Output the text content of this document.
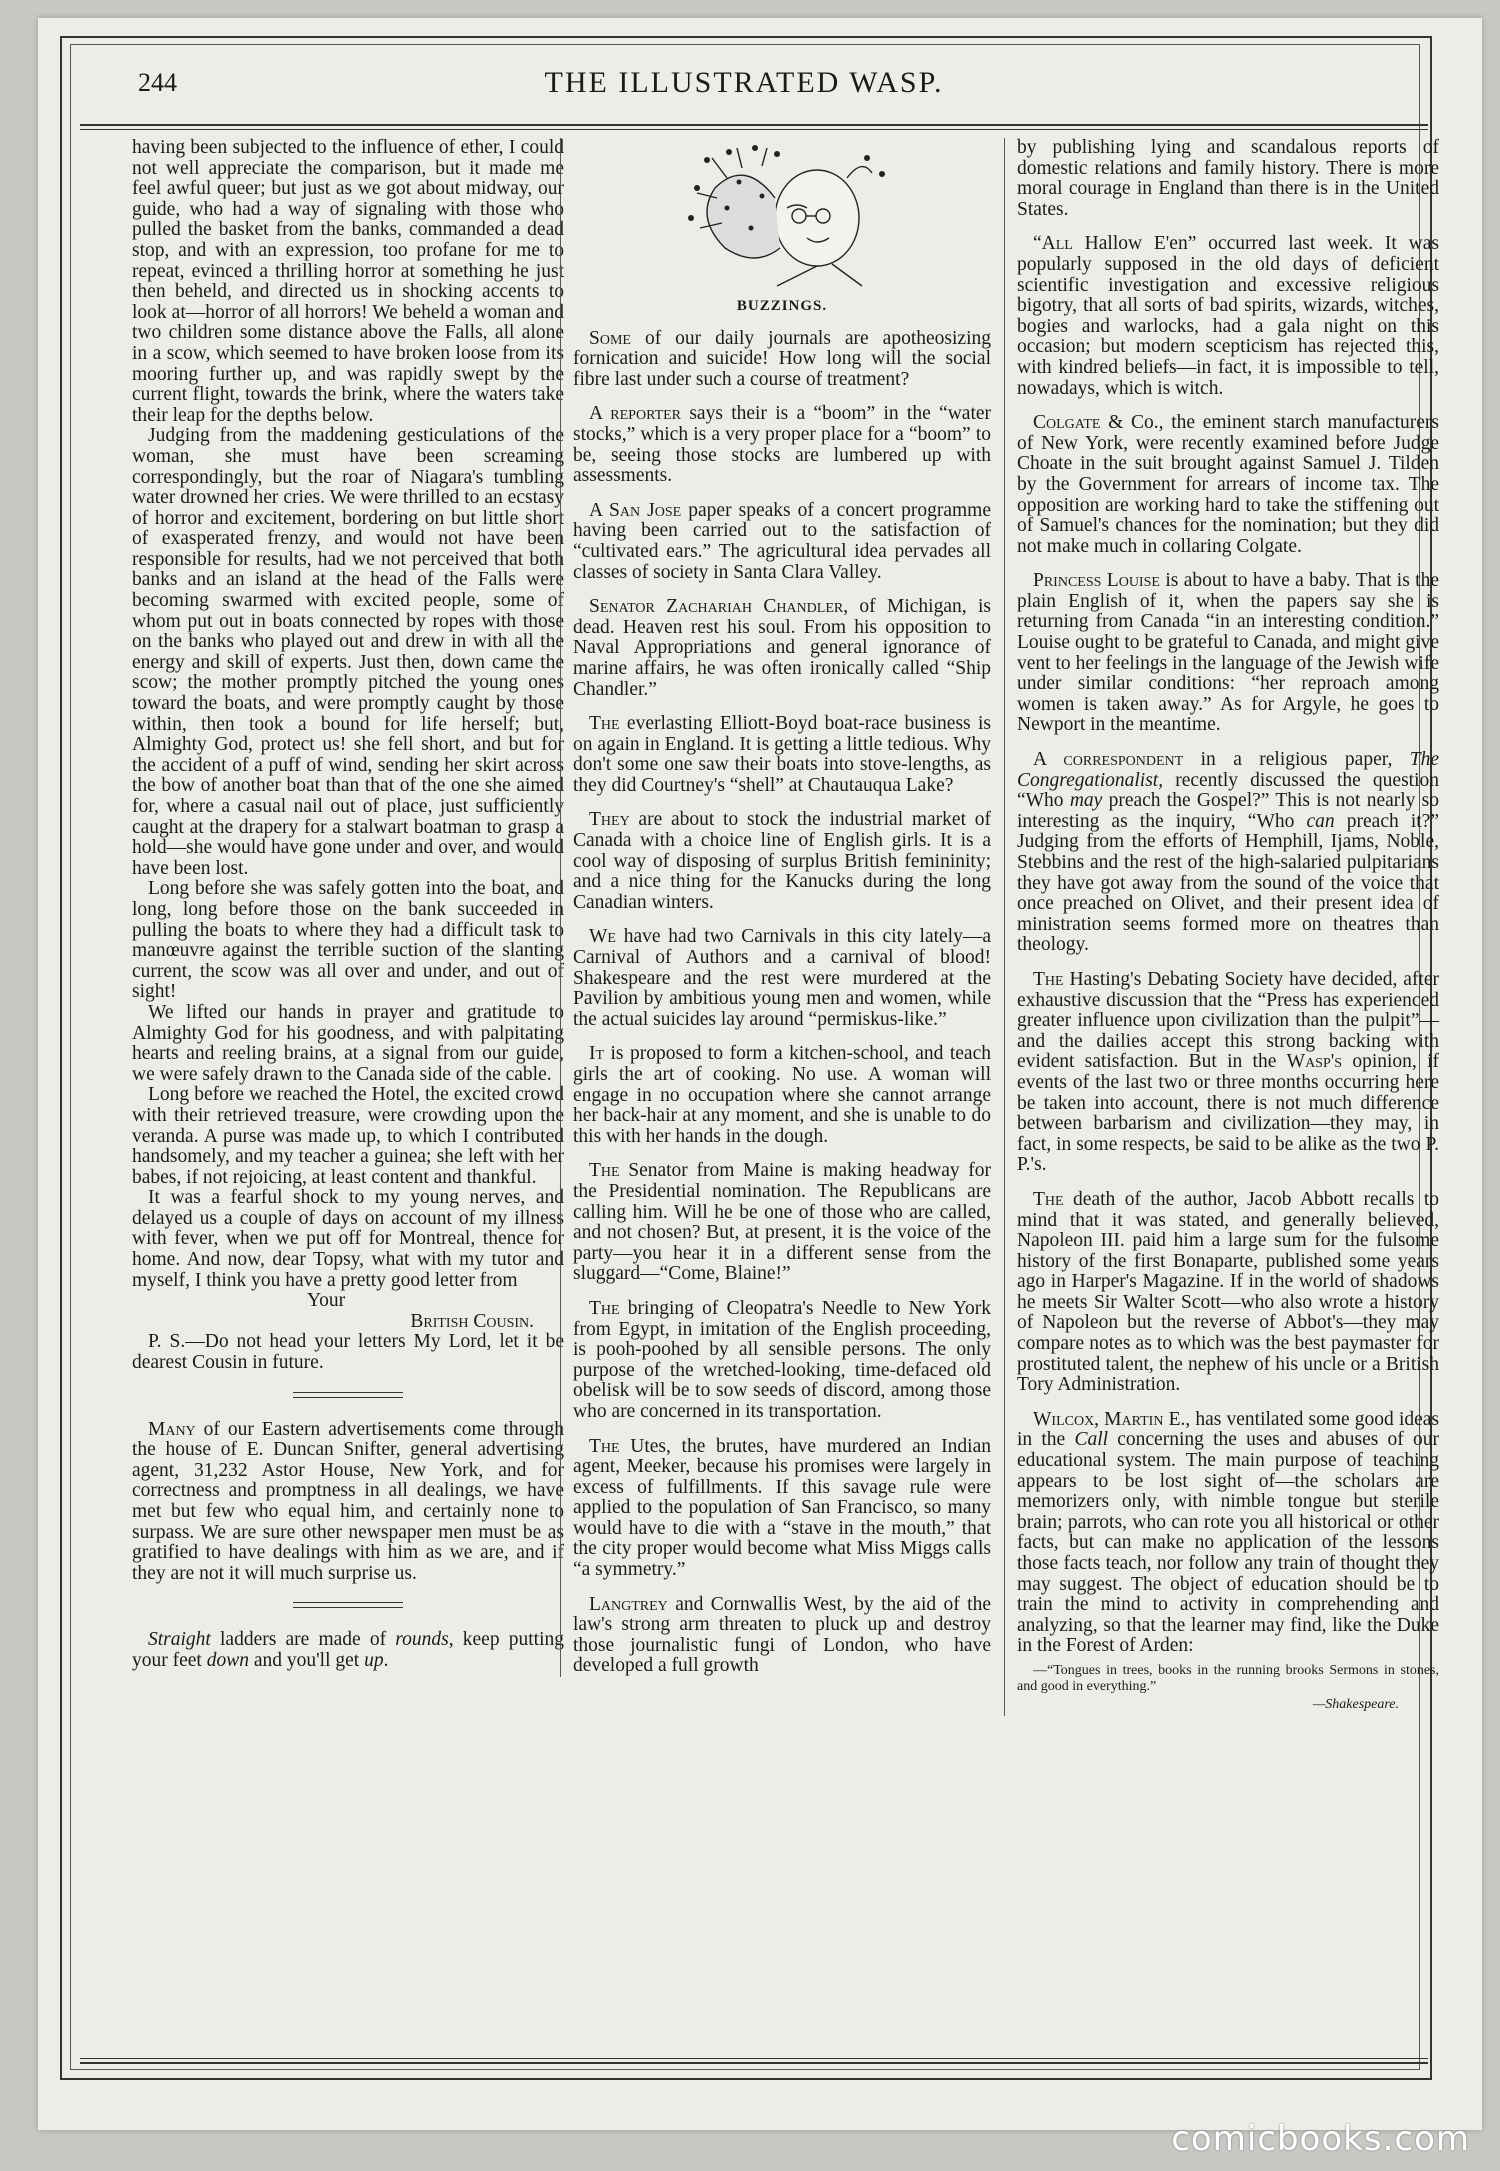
244	THE ILLUSTRATED WASP.

having been subjected to the influence of ether, I could not well appreciate the comparison, but it made me feel awful queer; but just as we got about midway, our guide, who had a way of signaling with those who pulled the basket from the banks, commanded a dead stop, and with an expression, too profane for me to repeat, evinced a thrilling horror at something he just then beheld, and directed us in shocking accents to look at—horror of all horrors! We beheld a woman and two children some distance above the Falls, all alone in a scow, which seemed to have broken loose from its mooring further up, and was rapidly swept by the current flight, towards the brink, where the waters take their leap for the depths below.

Judging from the maddening gesticulations of the woman, she must have been screaming correspondingly, but the roar of Niagara's tumbling water drowned her cries. We were thrilled to an ecstasy of horror and excitement, bordering on but little short of exasperated frenzy, and would not have been responsible for results, had we not perceived that both banks and an island at the head of the Falls were becoming swarmed with excited people, some of whom put out in boats connected by ropes with those on the banks who played out and drew in with all the energy and skill of experts. Just then, down came the scow; the mother promptly pitched the young ones toward the boats, and were promptly caught by those within, then took a bound for life herself; but, Almighty God, protect us! she fell short, and but for the accident of a puff of wind, sending her skirt across the bow of another boat than that of the one she aimed for, where a casual nail out of place, just sufficiently caught at the drapery for a stalwart boatman to grasp a hold—she would have gone under and over, and would have been lost.

Long before she was safely gotten into the boat, and long, long before those on the bank succeeded in pulling the boats to where they had a difficult task to manœuvre against the terrible suction of the slanting current, the scow was all over and under, and out of sight!

We lifted our hands in prayer and gratitude to Almighty God for his goodness, and with palpitating hearts and reeling brains, at a signal from our guide, we were safely drawn to the Canada side of the cable.

Long before we reached the Hotel, the excited crowd with their retrieved treasure, were crowding upon the veranda. A purse was made up, to which I contributed handsomely, and my teacher a guinea; she left with her babes, if not rejoicing, at least content and thankful.

It was a fearful shock to my young nerves, and delayed us a couple of days on account of my illness with fever, when we put off for Montreal, thence for home. And now, dear Topsy, what with my tutor and myself, I think you have a pretty good letter from

Your

British Cousin.

P. S.—Do not head your letters My Lord, let it be dearest Cousin in future.

Many of our Eastern advertisements come through the house of E. Duncan Snifter, general advertising agent, 31,232 Astor House, New York, and for correctness and promptness in all dealings, we have met but few who equal him, and certainly none to surpass. We are sure other newspaper men must be as gratified to have dealings with him as we are, and if they are not it will much surprise us.

Straight ladders are made of rounds, keep putting your feet down and you'll get up.

BUZZINGS.

Some of our daily journals are apotheosizing fornication and suicide! How long will the social fibre last under such a course of treatment?

A reporter says their is a “boom” in the “water stocks,” which is a very proper place for a “boom” to be, seeing those stocks are lumbered up with assessments.

A San Jose paper speaks of a concert programme having been carried out to the satisfaction of “cultivated ears.” The agricultural idea pervades all classes of society in Santa Clara Valley.

Senator Zachariah Chandler, of Michigan, is dead. Heaven rest his soul. From his opposition to Naval Appropriations and general ignorance of marine affairs, he was often ironically called “Ship Chandler.”

The everlasting Elliott-Boyd boat-race business is on again in England. It is getting a little tedious. Why don't some one saw their boats into stove-lengths, as they did Courtney's “shell” at Chautauqua Lake?

They are about to stock the industrial market of Canada with a choice line of English girls. It is a cool way of disposing of surplus British femininity; and a nice thing for the Kanucks during the long Canadian winters.

We have had two Carnivals in this city lately—a Carnival of Authors and a carnival of blood! Shakespeare and the rest were murdered at the Pavilion by ambitious young men and women, while the actual suicides lay around “permiskus-like.”

It is proposed to form a kitchen-school, and teach girls the art of cooking. No use. A woman will engage in no occupation where she cannot arrange her back-hair at any moment, and she is unable to do this with her hands in the dough.

The Senator from Maine is making headway for the Presidential nomination. The Republicans are calling him. Will he be one of those who are called, and not chosen? But, at present, it is the voice of the party—you hear it in a different sense from the sluggard—“Come, Blaine!”

The bringing of Cleopatra's Needle to New York from Egypt, in imitation of the English proceeding, is pooh-poohed by all sensible persons. The only purpose of the wretched-looking, time-defaced old obelisk will be to sow seeds of discord, among those who are concerned in its transportation.

The Utes, the brutes, have murdered an Indian agent, Meeker, because his promises were largely in excess of fulfillments. If this savage rule were applied to the population of San Francisco, so many would have to die with a “stave in the mouth,” that the city proper would become what Miss Miggs calls “a symmetry.”

Langtrey and Cornwallis West, by the aid of the law's strong arm threaten to pluck up and destroy those journalistic fungi of London, who have developed a full growth

by publishing lying and scandalous reports of domestic relations and family history. There is more moral courage in England than there is in the United States.

“All Hallow E'en” occurred last week. It was popularly supposed in the old days of deficient scientific investigation and excessive religious bigotry, that all sorts of bad spirits, wizards, witches, bogies and warlocks, had a gala night on this occasion; but modern scepticism has rejected this, with kindred beliefs—in fact, it is impossible to tell, nowadays, which is witch.

Colgate & Co., the eminent starch manufacturers of New York, were recently examined before Judge Choate in the suit brought against Samuel J. Tilden by the Government for arrears of income tax. The opposition are working hard to take the stiffening out of Samuel's chances for the nomination; but they did not make much in collaring Colgate.

Princess Louise is about to have a baby. That is the plain English of it, when the papers say she is returning from Canada “in an interesting condition.” Louise ought to be grateful to Canada, and might give vent to her feelings in the language of the Jewish wife under similar conditions: “her reproach among women is taken away.” As for Argyle, he goes to Newport in the meantime.

A correspondent in a religious paper, The Congregationalist, recently discussed the question “Who may preach the Gospel?” This is not nearly so interesting as the inquiry, “Who can preach it?” Judging from the efforts of Hemphill, Ijams, Noble, Stebbins and the rest of the high-salaried pulpitarians they have got away from the sound of the voice that once preached on Olivet, and their present idea of ministration seems formed more on theatres than theology.

The Hasting's Debating Society have decided, after exhaustive discussion that the “Press has experienced greater influence upon civilization than the pulpit”—and the dailies accept this strong backing with evident satisfaction. But in the Wasp's opinion, if events of the last two or three months occurring here be taken into account, there is not much difference between barbarism and civilization—they may, in fact, in some respects, be said to be alike as the two P. P.'s.

The death of the author, Jacob Abbott recalls to mind that it was stated, and generally believed, Napoleon III. paid him a large sum for the fulsome history of the first Bonaparte, published some years ago in Harper's Magazine. If in the world of shadows he meets Sir Walter Scott—who also wrote a history of Napoleon but the reverse of Abbot's—they may compare notes as to which was the best paymaster for prostituted talent, the nephew of his uncle or a British Tory Administration.

Wilcox, Martin E., has ventilated some good ideas in the Call concerning the uses and abuses of our educational system. The main purpose of teaching appears to be lost sight of—the scholars are memorizers only, with nimble tongue but sterile brain; parrots, who can rote you all historical or other facts, but can make no application of the lessons those facts teach, nor follow any train of thought they may suggest. The object of education should be to train the mind to activity in comprehending and analyzing, so that the learner may find, like the Duke in the Forest of Arden:

—“Tongues in trees, books in the running brooks Sermons in stones, and good in everything.”

—Shakespeare.

comicbooks.com
